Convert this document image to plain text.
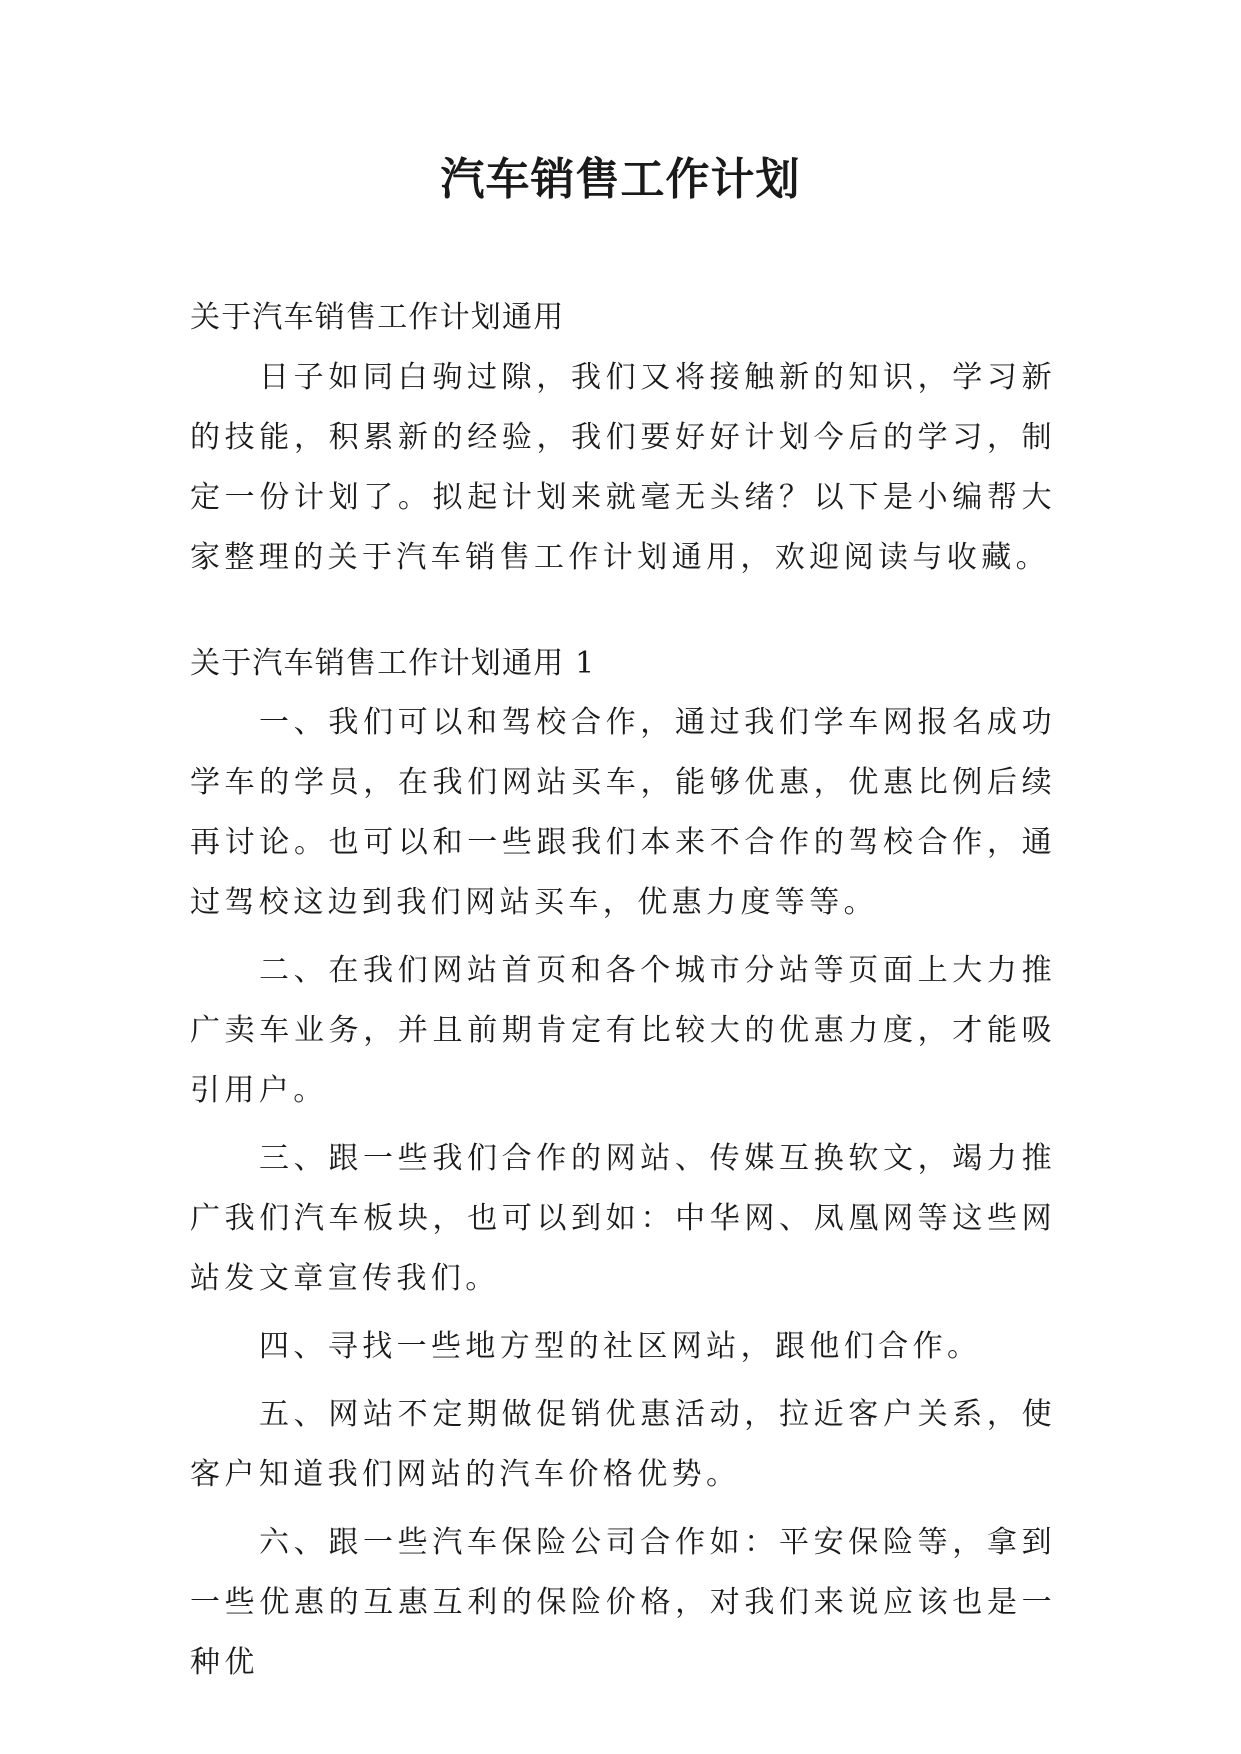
汽车销售工作计划

关于汽车销售工作计划通用

日子如同白驹过隙，我们又将接触新的知识，学习新的技能，积累新的经验，我们要好好计划今后的学习，制定一份计划了。拟起计划来就毫无头绪？以下是小编帮大家整理的关于汽车销售工作计划通用，欢迎阅读与收藏。

关于汽车销售工作计划通用 1

一、我们可以和驾校合作，通过我们学车网报名成功学车的学员，在我们网站买车，能够优惠，优惠比例后续再讨论。也可以和一些跟我们本来不合作的驾校合作，通过驾校这边到我们网站买车，优惠力度等等。

二、在我们网站首页和各个城市分站等页面上大力推广卖车业务，并且前期肯定有比较大的优惠力度，才能吸引用户。

三、跟一些我们合作的网站、传媒互换软文，竭力推广我们汽车板块，也可以到如：中华网、凤凰网等这些网站发文章宣传我们。

四、寻找一些地方型的社区网站，跟他们合作。

五、网站不定期做促销优惠活动，拉近客户关系，使客户知道我们网站的汽车价格优势。

六、跟一些汽车保险公司合作如：平安保险等，拿到一些优惠的互惠互利的保险价格，对我们来说应该也是一种优
